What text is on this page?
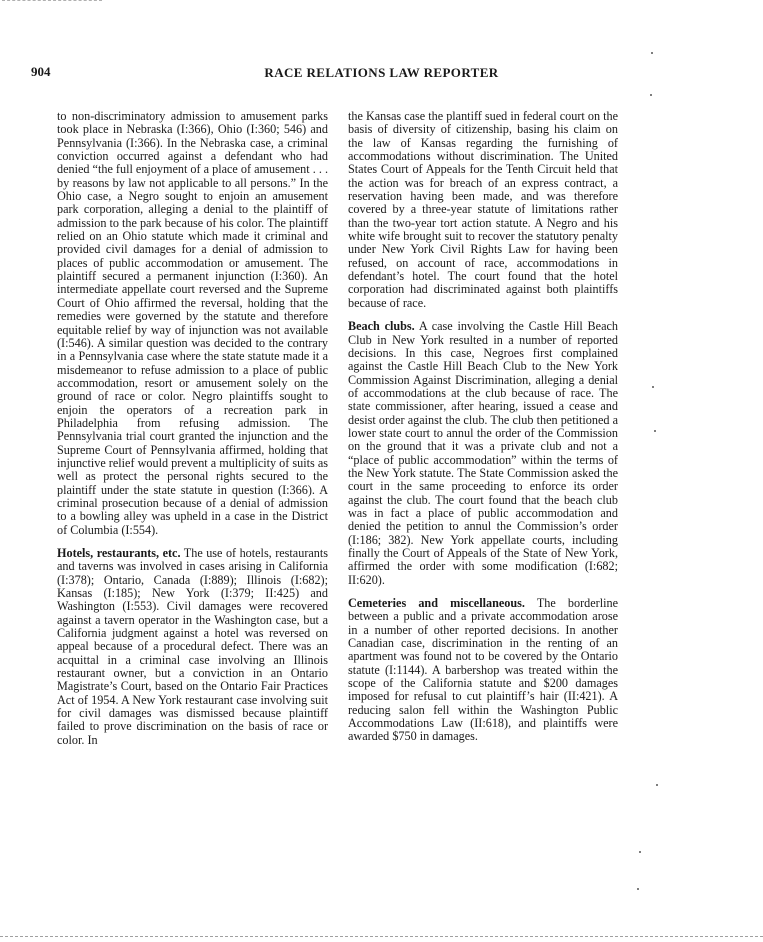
904	RACE RELATIONS LAW REPORTER

to non-discriminatory admission to amusement parks took place in Nebraska (I:366), Ohio (I:360; 546) and Pennsylvania (I:366). In the Nebraska case, a criminal conviction occurred against a defendant who had denied “the full enjoyment of a place of amusement . . . by reasons by law not applicable to all persons.” In the Ohio case, a Negro sought to enjoin an amusement park corporation, alleging a denial to the plaintiff of admission to the park because of his color. The plaintiff relied on an Ohio statute which made it criminal and provided civil damages for a denial of admission to places of public accommodation or amusement. The plaintiff secured a permanent injunction (I:360). An intermediate appellate court reversed and the Supreme Court of Ohio affirmed the reversal, holding that the remedies were governed by the statute and therefore equitable relief by way of injunction was not available (I:546). A similar question was decided to the contrary in a Pennsylvania case where the state statute made it a misdemeanor to refuse admission to a place of public accommodation, resort or amusement solely on the ground of race or color. Negro plaintiffs sought to enjoin the operators of a recreation park in Philadelphia from refusing admission. The Pennsylvania trial court granted the injunction and the Supreme Court of Pennsylvania affirmed, holding that injunctive relief would prevent a multiplicity of suits as well as protect the personal rights secured to the plaintiff under the state statute in question (I:366). A criminal prosecution because of a denial of admission to a bowling alley was upheld in a case in the District of Columbia (I:554).

Hotels, restaurants, etc. The use of hotels, restaurants and taverns was involved in cases arising in California (I:378); Ontario, Canada (I:889); Illinois (I:682); Kansas (I:185); New York (I:379; II:425) and Washington (I:553). Civil damages were recovered against a tavern operator in the Washington case, but a California judgment against a hotel was reversed on appeal because of a procedural defect. There was an acquittal in a criminal case involving an Illinois restaurant owner, but a conviction in an Ontario Magistrate’s Court, based on the Ontario Fair Practices Act of 1954. A New York restaurant case involving suit for civil damages was dismissed because plaintiff failed to prove discrimination on the basis of race or color. In

the Kansas case the plantiff sued in federal court on the basis of diversity of citizenship, basing his claim on the law of Kansas regarding the furnishing of accommodations without discrimination. The United States Court of Appeals for the Tenth Circuit held that the action was for breach of an express contract, a reservation having been made, and was therefore covered by a three-year statute of limitations rather than the two-year tort action statute. A Negro and his white wife brought suit to recover the statutory penalty under New York Civil Rights Law for having been refused, on account of race, accommodations in defendant’s hotel. The court found that the hotel corporation had discriminated against both plaintiffs because of race.

Beach clubs. A case involving the Castle Hill Beach Club in New York resulted in a number of reported decisions. In this case, Negroes first complained against the Castle Hill Beach Club to the New York Commission Against Discrimination, alleging a denial of accommodations at the club because of race. The state commissioner, after hearing, issued a cease and desist order against the club. The club then petitioned a lower state court to annul the order of the Commission on the ground that it was a private club and not a “place of public accommodation” within the terms of the New York statute. The State Commission asked the court in the same proceeding to enforce its order against the club. The court found that the beach club was in fact a place of public accommodation and denied the petition to annul the Commission’s order (I:186; 382). New York appellate courts, including finally the Court of Appeals of the State of New York, affirmed the order with some modification (I:682; II:620).

Cemeteries and miscellaneous. The borderline between a public and a private accommodation arose in a number of other reported decisions. In another Canadian case, discrimination in the renting of an apartment was found not to be covered by the Ontario statute (I:1144). A barbershop was treated within the scope of the California statute and $200 damages imposed for refusal to cut plaintiff’s hair (II:421). A reducing salon fell within the Washington Public Accommodations Law (II:618), and plaintiffs were awarded $750 in damages.
